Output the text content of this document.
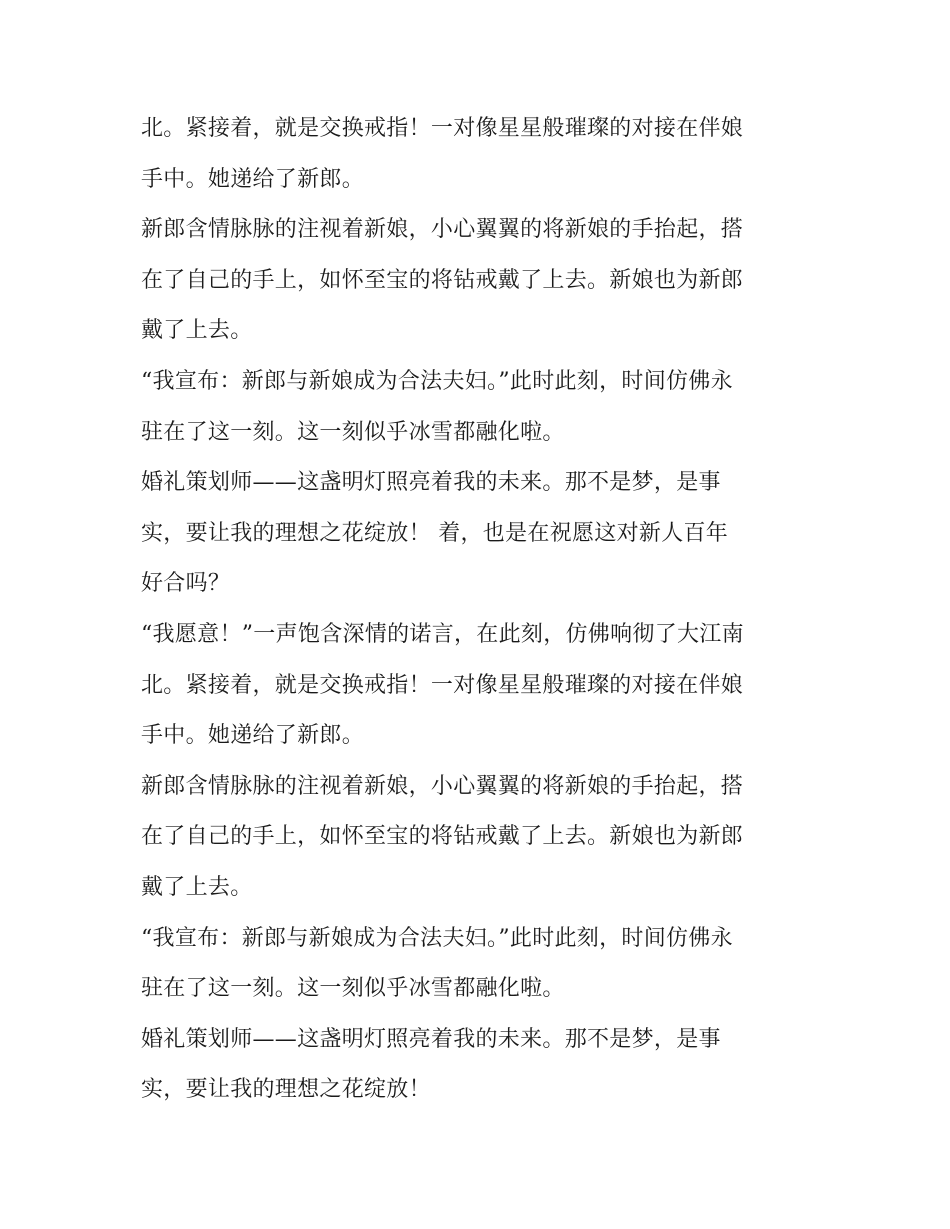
北。紧接着，就是交换戒指！一对像星星般璀璨的对接在伴娘
手中。她递给了新郎。
新郎含情脉脉的注视着新娘，小心翼翼的将新娘的手抬起，搭
在了自己的手上，如怀至宝的将钻戒戴了上去。新娘也为新郎
戴了上去。
“我宣布：新郎与新娘成为合法夫妇。”此时此刻，时间仿佛永
驻在了这一刻。这一刻似乎冰雪都融化啦。
婚礼策划师——这盏明灯照亮着我的未来。那不是梦，是事
实，要让我的理想之花绽放！ 着，也是在祝愿这对新人百年
好合吗？
“我愿意！”一声饱含深情的诺言，在此刻，仿佛响彻了大江南
北。紧接着，就是交换戒指！一对像星星般璀璨的对接在伴娘
手中。她递给了新郎。
新郎含情脉脉的注视着新娘，小心翼翼的将新娘的手抬起，搭
在了自己的手上，如怀至宝的将钻戒戴了上去。新娘也为新郎
戴了上去。
“我宣布：新郎与新娘成为合法夫妇。”此时此刻，时间仿佛永
驻在了这一刻。这一刻似乎冰雪都融化啦。
婚礼策划师——这盏明灯照亮着我的未来。那不是梦，是事
实，要让我的理想之花绽放！
